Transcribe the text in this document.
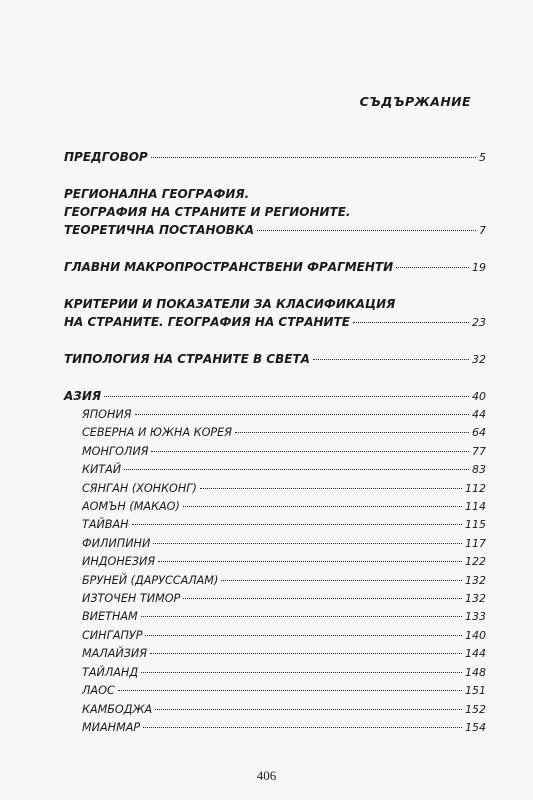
СЪДЪРЖАНИЕ
ПРЕДГОВОР	5
РЕГИОНАЛНА ГЕОГРАФИЯ.
ГЕОГРАФИЯ НА СТРАНИТЕ И РЕГИОНИТЕ.
ТЕОРЕТИЧНА ПОСТАНОВКА	7
ГЛАВНИ МАКРОПРОСТРАНСТВЕНИ ФРАГМЕНТИ	19
КРИТЕРИИ И ПОКАЗАТЕЛИ ЗА КЛАСИФИКАЦИЯ
НА СТРАНИТЕ. ГЕОГРАФИЯ НА СТРАНИТЕ	23
ТИПОЛОГИЯ НА СТРАНИТЕ В СВЕТА	32
АЗИЯ	40
ЯПОНИЯ	44
СЕВЕРНА И ЮЖНА КОРЕЯ	64
МОНГОЛИЯ	77
КИТАЙ	83
СЯНГАН (ХОНКОНГ)	112
АОМЪН (МАКАО)	114
ТАЙВАН	115
ФИЛИПИНИ	117
ИНДОНЕЗИЯ	122
БРУНЕЙ (ДАРУССАЛАМ)	132
ИЗТОЧЕН ТИМОР	132
ВИЕТНАМ	133
СИНГАПУР	140
МАЛАЙЗИЯ	144
ТАЙЛАНД	148
ЛАОС	151
КАМБОДЖА	152
МИАНМАР	154
406
